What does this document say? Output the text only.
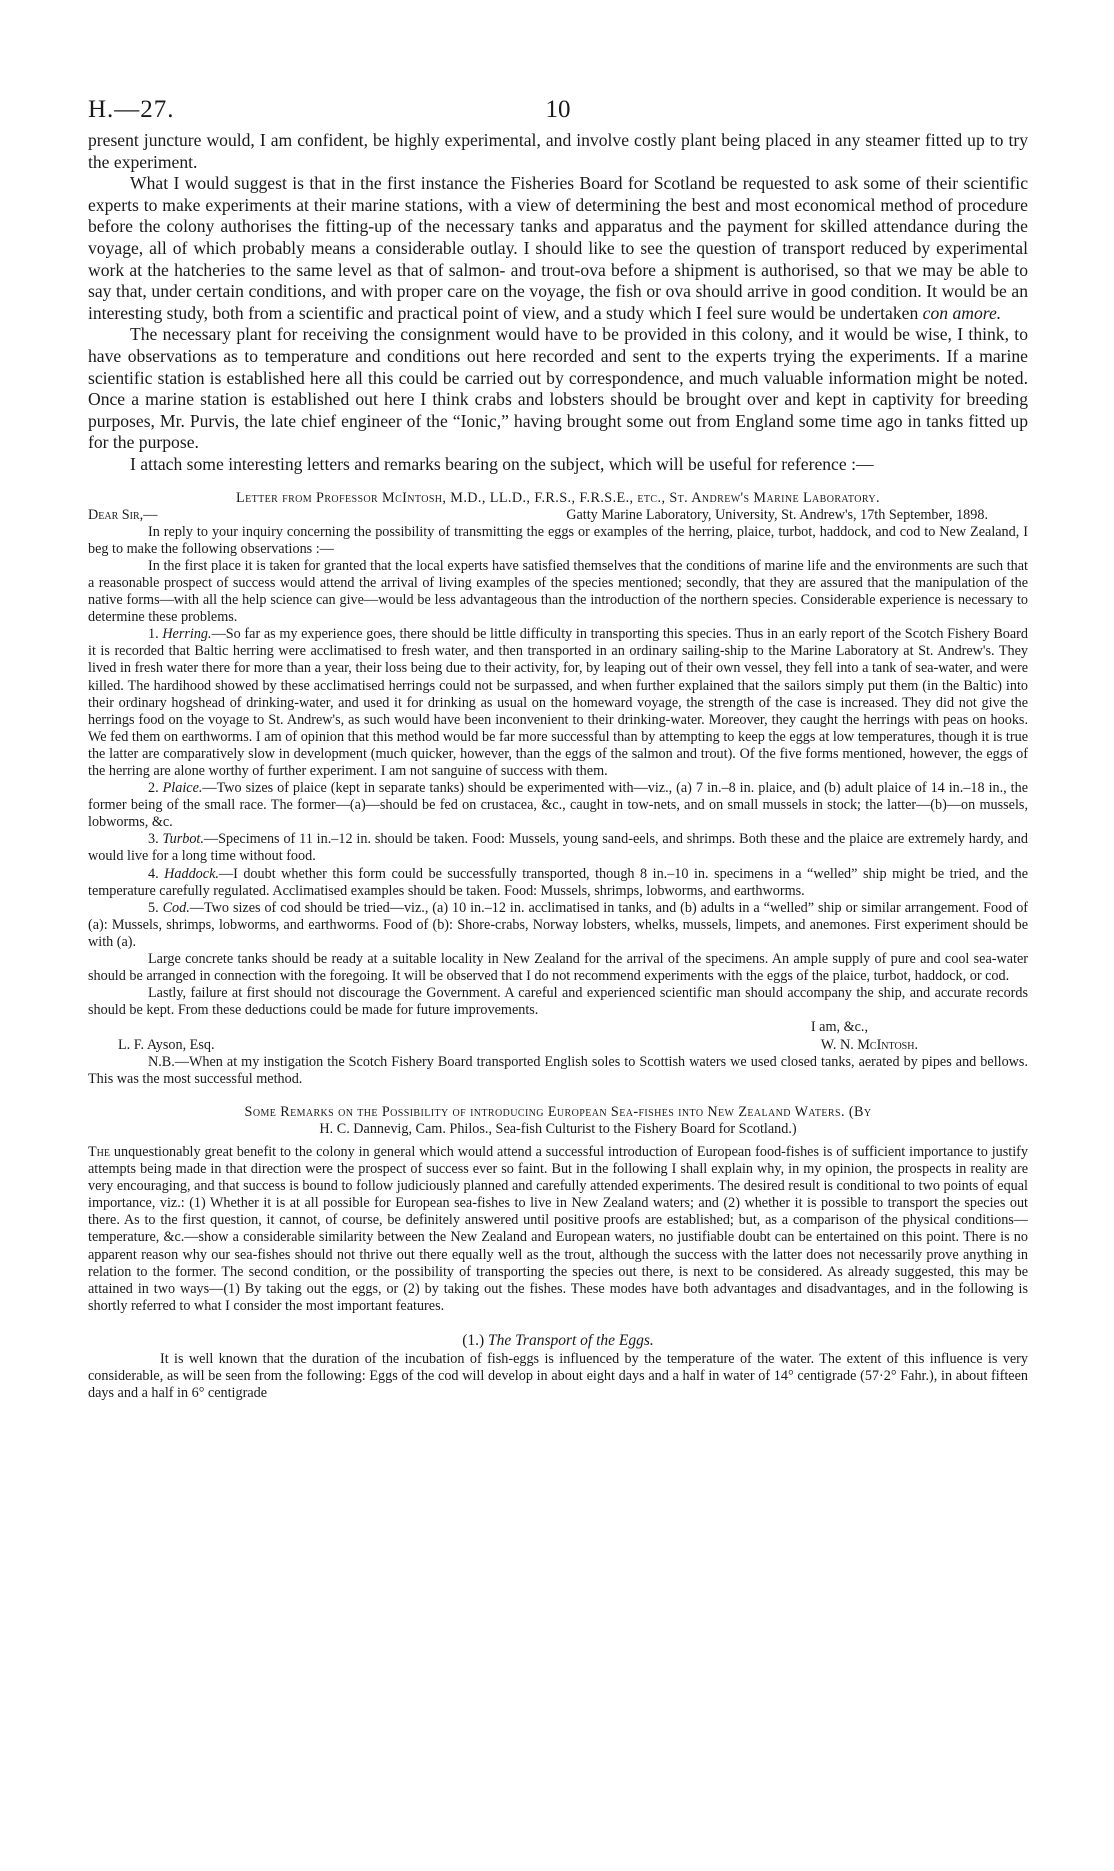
H.—27.	10

present juncture would, I am confident, be highly experimental, and involve costly plant being placed in any steamer fitted up to try the experiment.

What I would suggest is that in the first instance the Fisheries Board for Scotland be requested to ask some of their scientific experts to make experiments at their marine stations, with a view of determining the best and most economical method of procedure before the colony authorises the fitting-up of the necessary tanks and apparatus and the payment for skilled attendance during the voyage, all of which probably means a considerable outlay. I should like to see the question of transport reduced by experimental work at the hatcheries to the same level as that of salmon- and trout-ova before a shipment is authorised, so that we may be able to say that, under certain conditions, and with proper care on the voyage, the fish or ova should arrive in good condition. It would be an interesting study, both from a scientific and practical point of view, and a study which I feel sure would be undertaken con amore.

The necessary plant for receiving the consignment would have to be provided in this colony, and it would be wise, I think, to have observations as to temperature and conditions out here recorded and sent to the experts trying the experiments. If a marine scientific station is established here all this could be carried out by correspondence, and much valuable information might be noted. Once a marine station is established out here I think crabs and lobsters should be brought over and kept in captivity for breeding purposes, Mr. Purvis, the late chief engineer of the “Ionic,” having brought some out from England some time ago in tanks fitted up for the purpose.

I attach some interesting letters and remarks bearing on the subject, which will be useful for reference :—

Letter from Professor McIntosh, M.D., LL.D., F.R.S., F.R.S.E., etc., St. Andrew's Marine Laboratory.
Dear Sir,—	Gatty Marine Laboratory, University, St. Andrew's, 17th September, 1898.

In reply to your inquiry concerning the possibility of transmitting the eggs or examples of the herring, plaice, turbot, haddock, and cod to New Zealand, I beg to make the following observations :—

In the first place it is taken for granted that the local experts have satisfied themselves that the conditions of marine life and the environments are such that a reasonable prospect of success would attend the arrival of living examples of the species mentioned; secondly, that they are assured that the manipulation of the native forms—with all the help science can give—would be less advantageous than the introduction of the northern species. Considerable experience is necessary to determine these problems.

1. Herring.—So far as my experience goes, there should be little difficulty in transporting this species. Thus in an early report of the Scotch Fishery Board it is recorded that Baltic herring were acclimatised to fresh water, and then transported in an ordinary sailing-ship to the Marine Laboratory at St. Andrew's. They lived in fresh water there for more than a year, their loss being due to their activity, for, by leaping out of their own vessel, they fell into a tank of sea-water, and were killed. The hardihood showed by these acclimatised herrings could not be surpassed, and when further explained that the sailors simply put them (in the Baltic) into their ordinary hogshead of drinking-water, and used it for drinking as usual on the homeward voyage, the strength of the case is increased. They did not give the herrings food on the voyage to St. Andrew's, as such would have been inconvenient to their drinking-water. Moreover, they caught the herrings with peas on hooks. We fed them on earthworms. I am of opinion that this method would be far more successful than by attempting to keep the eggs at low temperatures, though it is true the latter are comparatively slow in development (much quicker, however, than the eggs of the salmon and trout). Of the five forms mentioned, however, the eggs of the herring are alone worthy of further experiment. I am not sanguine of success with them.

2. Plaice.—Two sizes of plaice (kept in separate tanks) should be experimented with—viz., (a) 7 in.–8 in. plaice, and (b) adult plaice of 14 in.–18 in., the former being of the small race. The former—(a)—should be fed on crustacea, &c., caught in tow-nets, and on small mussels in stock; the latter—(b)—on mussels, lobworms, &c.

3. Turbot.—Specimens of 11 in.–12 in. should be taken. Food: Mussels, young sand-eels, and shrimps. Both these and the plaice are extremely hardy, and would live for a long time without food.

4. Haddock.—I doubt whether this form could be successfully transported, though 8 in.–10 in. specimens in a “welled” ship might be tried, and the temperature carefully regulated. Acclimatised examples should be taken. Food: Mussels, shrimps, lobworms, and earthworms.

5. Cod.—Two sizes of cod should be tried—viz., (a) 10 in.–12 in. acclimatised in tanks, and (b) adults in a “welled” ship or similar arrangement. Food of (a): Mussels, shrimps, lobworms, and earthworms. Food of (b): Shore-crabs, Norway lobsters, whelks, mussels, limpets, and anemones. First experiment should be with (a).

Large concrete tanks should be ready at a suitable locality in New Zealand for the arrival of the specimens. An ample supply of pure and cool sea-water should be arranged in connection with the foregoing. It will be observed that I do not recommend experiments with the eggs of the plaice, turbot, haddock, or cod.

Lastly, failure at first should not discourage the Government. A careful and experienced scientific man should accompany the ship, and accurate records should be kept. From these deductions could be made for future improvements.

I am, &c.,
L. F. Ayson, Esq.	W. N. McIntosh.

N.B.—When at my instigation the Scotch Fishery Board transported English soles to Scottish waters we used closed tanks, aerated by pipes and bellows. This was the most successful method.

Some Remarks on the Possibility of introducing European Sea-fishes into New Zealand Waters. (By
H. C. Dannevig, Cam. Philos., Sea-fish Culturist to the Fishery Board for Scotland.)

The unquestionably great benefit to the colony in general which would attend a successful introduction of European food-fishes is of sufficient importance to justify attempts being made in that direction were the prospect of success ever so faint. But in the following I shall explain why, in my opinion, the prospects in reality are very encouraging, and that success is bound to follow judiciously planned and carefully attended experiments. The desired result is conditional to two points of equal importance, viz.: (1) Whether it is at all possible for European sea-fishes to live in New Zealand waters; and (2) whether it is possible to transport the species out there. As to the first question, it cannot, of course, be definitely answered until positive proofs are established; but, as a comparison of the physical conditions—temperature, &c.—show a considerable similarity between the New Zealand and European waters, no justifiable doubt can be entertained on this point. There is no apparent reason why our sea-fishes should not thrive out there equally well as the trout, although the success with the latter does not necessarily prove anything in relation to the former. The second condition, or the possibility of transporting the species out there, is next to be considered. As already suggested, this may be attained in two ways—(1) By taking out the eggs, or (2) by taking out the fishes. These modes have both advantages and disadvantages, and in the following is shortly referred to what I consider the most important features.

(1.) The Transport of the Eggs.

It is well known that the duration of the incubation of fish-eggs is influenced by the temperature of the water. The extent of this influence is very considerable, as will be seen from the following: Eggs of the cod will develop in about eight days and a half in water of 14° centigrade (57·2° Fahr.), in about fifteen days and a half in 6° centigrade
